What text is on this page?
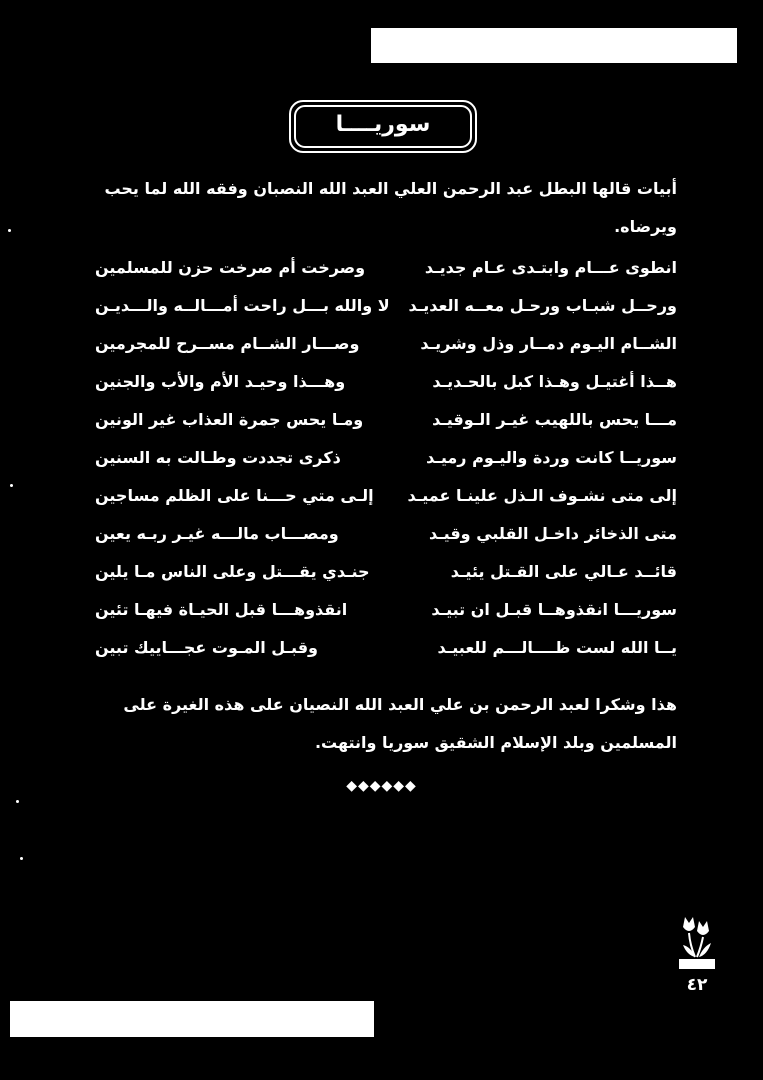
سوريــــا
أبيات قالها البطل عبد الرحمن العلي العبد الله النصبان وفقه الله لما يحب ويرضاه.
انطوى عـــام وابتـدى عـام جديـد
وصرخت أم صرخت حزن للمسلمين
ورحــل شبـاب ورحـل معــه العديـد
لا والله بـــل راحت أمـــالــه والـــديـن
الشــام اليـوم دمــار وذل وشريـد
وصـــار الشــام مســرح للمجرمين
هــذا أغتيـل وهـذا كبل بالحـديـد
وهـــذا وحيـد الأم والأب والجنين
مـــا يحس باللهيب غيـر الـوقيـد
ومـا يحس جمرة العذاب غير الونين
سوريــا كانت وردة واليـوم رميـد
ذكرى تجددت وطـالت به السنين
إلى متى نشـوف الـذل علينـا عميـد
إلـى متي حـــنا على الظلم مساجين
متى الذخائر داخـل القلبي وقيـد
ومصـــاب مالـــه غيـر ربـه يعين
قائــد عـالي على القـتل يئيـد
جنـدي يقـــتل وعلى الناس مـا يلين
سوريـــا انقذوهــا قبـل ان تبيـد
انقذوهـــا قبل الحيـاة فيهـا تئين
يــا الله لست ظــــالـــم للعبيـد
وقبـل المـوت عجـــاييك تبين
هذا وشكرا لعبد الرحمن بن علي العبد الله النصيان على هذه الغيرة على المسلمين وبلد الإسلام الشقيق سوريا وانتهت.
◆◆◆◆◆◆
٤٢
